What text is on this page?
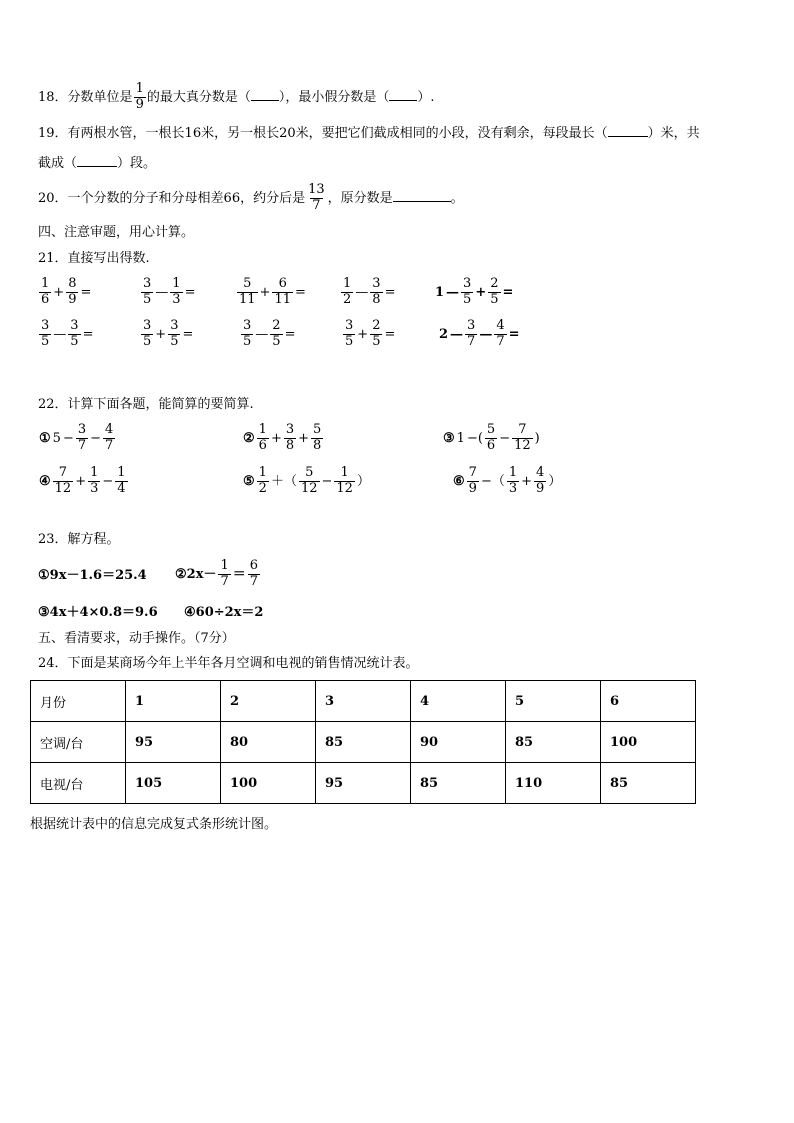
18．分数单位是 $\frac{1}{9}$ 的最大真分数是（ ），最小假分数是（ ）.
19．有两根水管，一根长16米，另一根长20米，要把它们截成相同的小段，没有剩余，每段最长（	）米，共
截成（	）段。
20．一个分数的分子和分母相差66，约分后是 $\frac{13}{7}$ ，原分数是	。
四、注意审题，用心计算。
21．直接写出得数.
$\frac{1}{6} + \frac{8}{9}$ =	$\frac{3}{5}$ — $\frac{1}{3}$ =	$\frac{5}{11} + \frac{6}{11}$ =	$\frac{1}{2}$ — $\frac{3}{8}$ =	1 — $\frac{3}{5} + \frac{2}{5}$ =
$\frac{3}{5}$ — $\frac{3}{5}$ =	$\frac{3}{5} + \frac{3}{5}$ =	$\frac{3}{5}$ — $\frac{2}{5}$ =	$\frac{3}{5} + \frac{2}{5}$ =	2 — $\frac{3}{7}$ — $\frac{4}{7}$ =
22．计算下面各题，能简算的要简算.
① $5 - \frac{3}{7} - \frac{4}{7}$	② $\frac{1}{6} + \frac{3}{8} + \frac{5}{8}$	③ 1 −( $\frac{5}{6} - \frac{7}{12}$ )
④ $\frac{7}{12} + \frac{1}{3} - \frac{1}{4}$	⑤ $\frac{1}{2}$ ＋（ $\frac{5}{12} - \frac{1}{12}$ ）	⑥ $\frac{7}{9}$ −（ $\frac{1}{3} + \frac{4}{9}$ ）
23．解方程。
①9x－1.6＝25.4 ②2x－ $\frac{1}{7} = \frac{6}{7}$
③4x＋4×0.8＝9.6 ④60÷2x＝2
五、看清要求，动手操作。（7分）
24．下面是某商场今年上半年各月空调和电视的销售情况统计表。
月份	1	2	3	4	5	6
空调/台	95	80	85	90	85	100
电视/台	105	100	95	85	110	85
根据统计表中的信息完成复式条形统计图。
